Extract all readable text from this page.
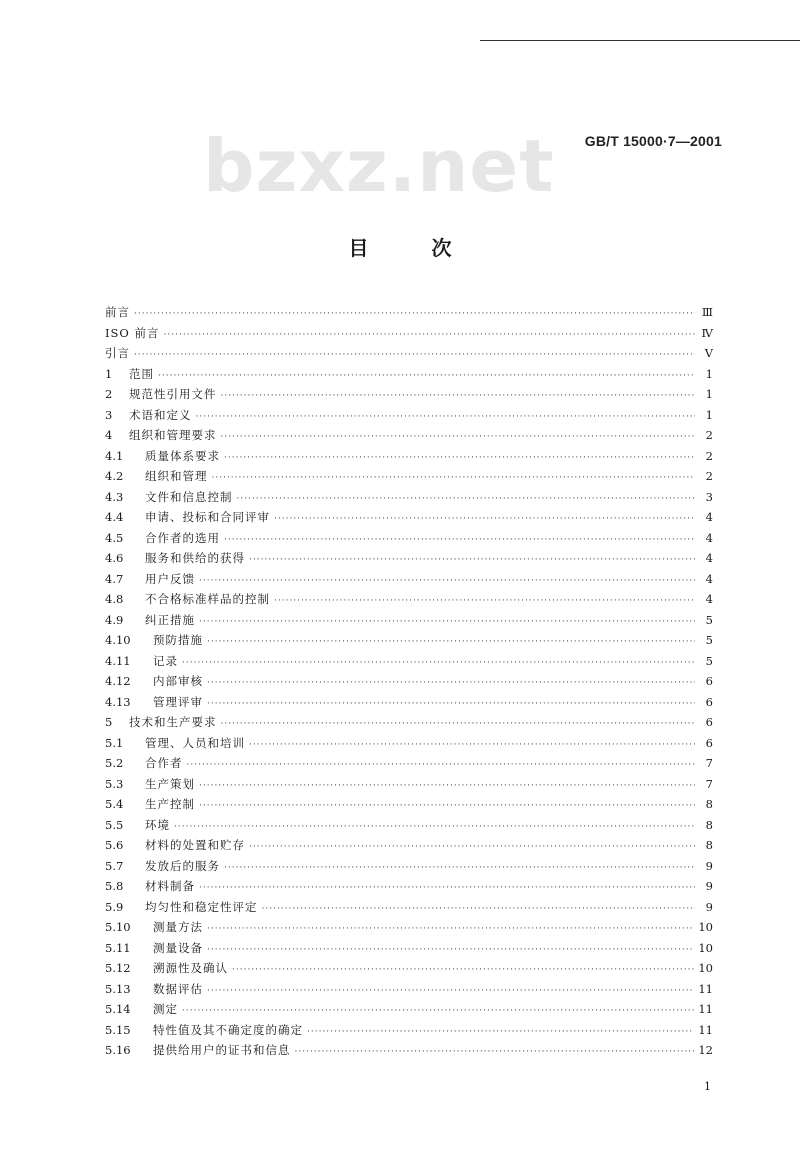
bzxz.net GB/T 15000·7—2001
目 次
前言 ·····	Ⅲ
ISO 前言 ·····	Ⅳ
引言 ·····	Ⅴ
1	范围 ·····	1
2	规范性引用文件 ·····	1
3	术语和定义 ·····	1
4	组织和管理要求 ·····	2
4.1	质量体系要求 ·····	2
4.2	组织和管理 ·····	2
4.3	文件和信息控制 ·····	3
4.4	申请、投标和合同评审 ·····	4
4.5	合作者的选用 ·····	4
4.6	服务和供给的获得 ·····	4
4.7	用户反馈 ·····	4
4.8	不合格标准样品的控制 ·····	4
4.9	纠正措施 ·····	5
4.10	预防措施 ·····	5
4.11	记录 ·····	5
4.12	内部审核 ·····	6
4.13	管理评审 ·····	6
5	技术和生产要求 ·····	6
5.1	管理、人员和培训 ·····	6
5.2	合作者 ·····	7
5.3	生产策划 ·····	7
5.4	生产控制 ·····	8
5.5	环境 ·····	8
5.6	材料的处置和贮存 ·····	8
5.7	发放后的服务 ·····	9
5.8	材料制备 ·····	9
5.9	均匀性和稳定性评定 ·····	9
5.10	测量方法 ·····	10
5.11	测量设备 ·····	10
5.12	溯源性及确认 ·····	10
5.13	数据评估 ·····	11
5.14	测定 ·····	11
5.15	特性值及其不确定度的确定 ·····	11
5.16	提供给用户的证书和信息 ·····	12
1
